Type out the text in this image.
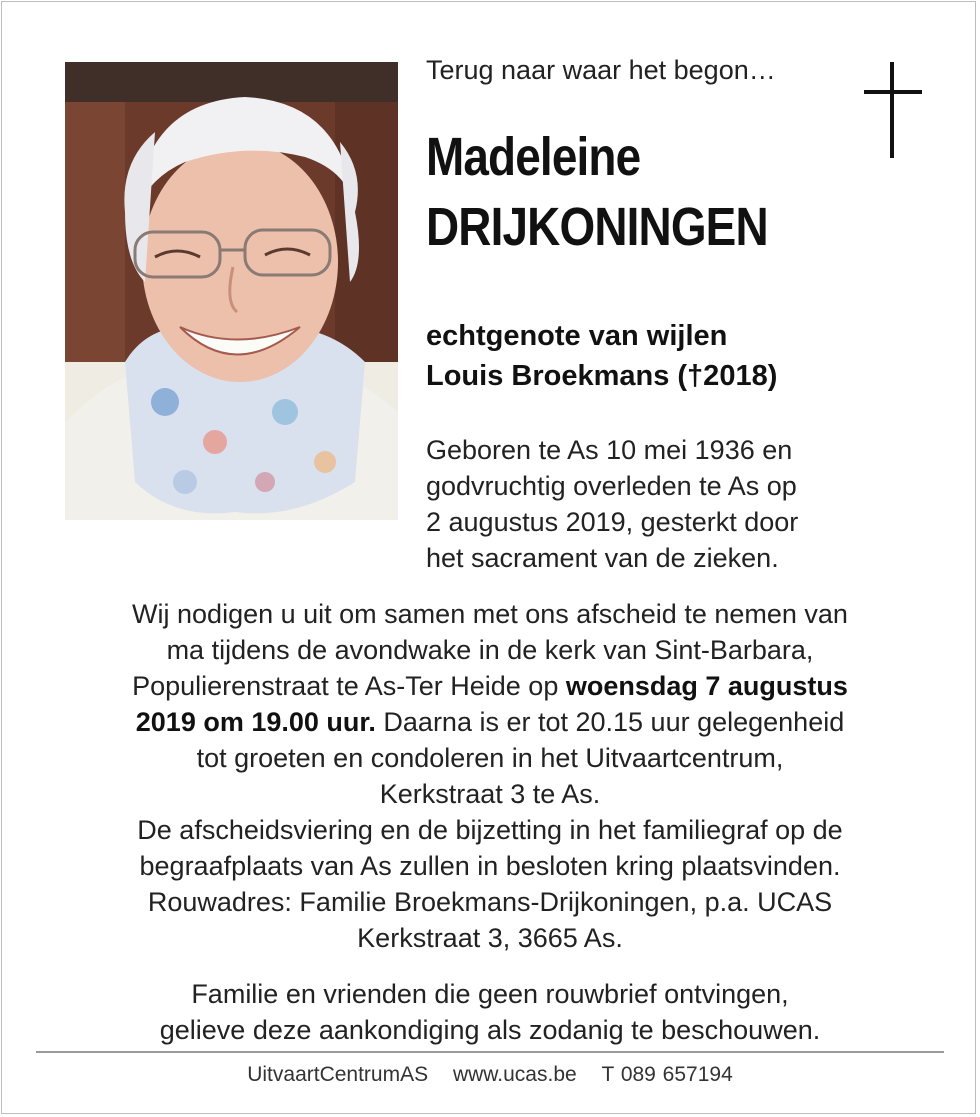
Terug naar waar het begon…
Madeleine
DRIJKONINGEN
echtgenote van wijlen
Louis Broekmans (†2018)
Geboren te As 10 mei 1936 en
godvruchtig overleden te As op
2 augustus 2019, gesterkt door
het sacrament van de zieken.
Wij nodigen u uit om samen met ons afscheid te nemen van
ma tijdens de avondwake in de kerk van Sint-Barbara,
Populierenstraat te As-Ter Heide op woensdag 7 augustus
2019 om 19.00 uur. Daarna is er tot 20.15 uur gelegenheid
tot groeten en condoleren in het Uitvaartcentrum,
Kerkstraat 3 te As.
De afscheidsviering en de bijzetting in het familiegraf op de
begraafplaats van As zullen in besloten kring plaatsvinden.
Rouwadres: Familie Broekmans-Drijkoningen, p.a. UCAS
Kerkstraat 3, 3665 As.
Familie en vrienden die geen rouwbrief ontvingen,
gelieve deze aankondiging als zodanig te beschouwen.
UitvaartCentrumAS www.ucas.be T 089 657194
